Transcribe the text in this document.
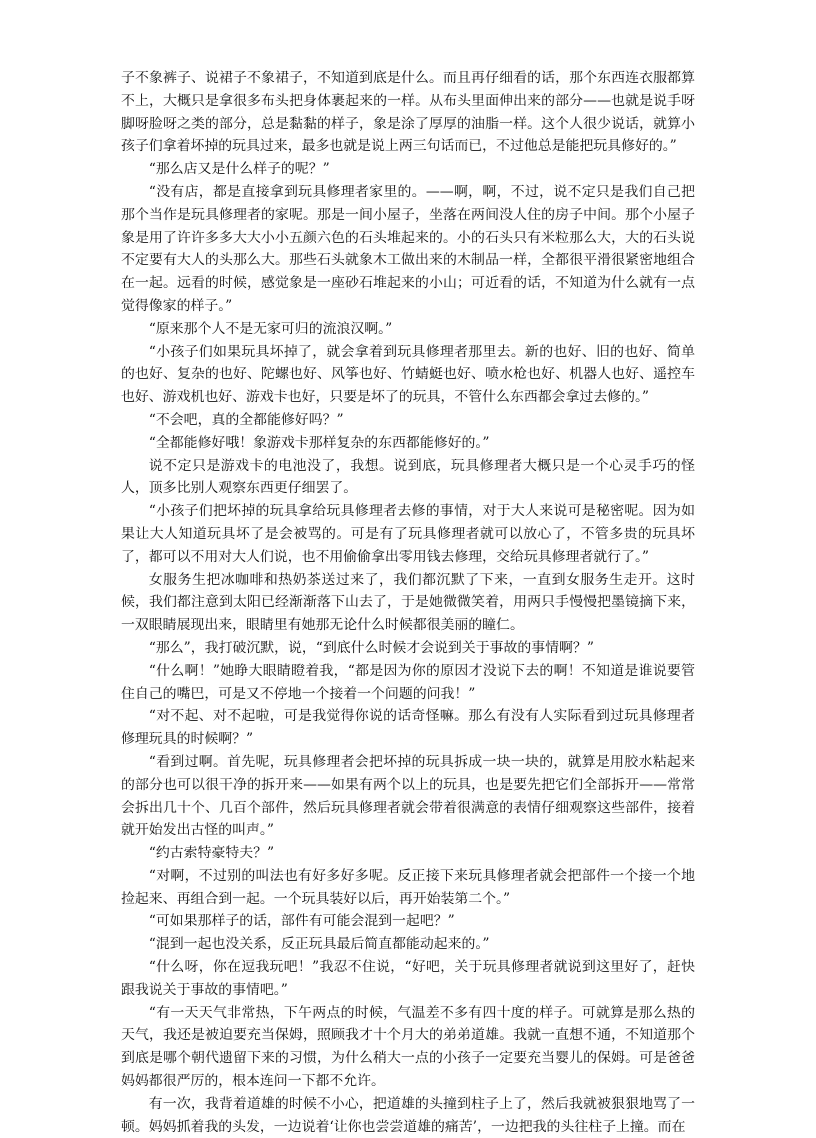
子不象裤子、说裙子不象裙子，不知道到底是什么。而且再仔细看的话，那个东西连衣服都算不上，大概只是拿很多布头把身体裹起来的一样。从布头里面伸出来的部分——也就是说手呀脚呀脸呀之类的部分，总是黏黏的样子，象是涂了厚厚的油脂一样。这个人很少说话，就算小孩子们拿着坏掉的玩具过来，最多也就是说上两三句话而已，不过他总是能把玩具修好的。”

“那么店又是什么样子的呢？”

“没有店，都是直接拿到玩具修理者家里的。——啊，啊，不过，说不定只是我们自己把那个当作是玩具修理者的家呢。那是一间小屋子，坐落在两间没人住的房子中间。那个小屋子象是用了许许多多大大小小五颜六色的石头堆起来的。小的石头只有米粒那么大，大的石头说不定要有大人的头那么大。那些石头就象木工做出来的木制品一样，全都很平滑很紧密地组合在一起。远看的时候，感觉象是一座砂石堆起来的小山；可近看的话，不知道为什么就有一点觉得像家的样子。”

“原来那个人不是无家可归的流浪汉啊。”

“小孩子们如果玩具坏掉了，就会拿着到玩具修理者那里去。新的也好、旧的也好、简单的也好、复杂的也好、陀螺也好、风筝也好、竹蜻蜓也好、喷水枪也好、机器人也好、遥控车也好、游戏机也好、游戏卡也好，只要是坏了的玩具，不管什么东西都会拿过去修的。”

“不会吧，真的全都能修好吗？”

“全都能修好哦！象游戏卡那样复杂的东西都能修好的。”

说不定只是游戏卡的电池没了，我想。说到底，玩具修理者大概只是一个心灵手巧的怪人，顶多比别人观察东西更仔细罢了。

“小孩子们把坏掉的玩具拿给玩具修理者去修的事情，对于大人来说可是秘密呢。因为如果让大人知道玩具坏了是会被骂的。可是有了玩具修理者就可以放心了，不管多贵的玩具坏了，都可以不用对大人们说，也不用偷偷拿出零用钱去修理，交给玩具修理者就行了。”

女服务生把冰咖啡和热奶茶送过来了，我们都沉默了下来，一直到女服务生走开。这时候，我们都注意到太阳已经渐渐落下山去了，于是她微微笑着，用两只手慢慢把墨镜摘下来，一双眼睛展现出来，眼睛里有她那无论什么时候都很美丽的瞳仁。

“那么”，我打破沉默，说，“到底什么时候才会说到关于事故的事情啊？”

“什么啊！”她睁大眼睛瞪着我，“都是因为你的原因才没说下去的啊！不知道是谁说要管住自己的嘴巴，可是又不停地一个接着一个问题的问我！”

“对不起、对不起啦，可是我觉得你说的话奇怪嘛。那么有没有人实际看到过玩具修理者修理玩具的时候啊？”

“看到过啊。首先呢，玩具修理者会把坏掉的玩具拆成一块一块的，就算是用胶水粘起来的部分也可以很干净的拆开来——如果有两个以上的玩具，也是要先把它们全部拆开——常常会拆出几十个、几百个部件，然后玩具修理者就会带着很满意的表情仔细观察这些部件，接着就开始发出古怪的叫声。”

“约古索特豪特夫？”

“对啊，不过别的叫法也有好多好多呢。反正接下来玩具修理者就会把部件一个接一个地捡起来、再组合到一起。一个玩具装好以后，再开始装第二个。”

“可如果那样子的话，部件有可能会混到一起吧？”

“混到一起也没关系，反正玩具最后简直都能动起来的。”

“什么呀，你在逗我玩吧！”我忍不住说，“好吧，关于玩具修理者就说到这里好了，赶快跟我说关于事故的事情吧。”

“有一天天气非常热，下午两点的时候，气温差不多有四十度的样子。可就算是那么热的天气，我还是被迫要充当保姆，照顾我才十个月大的弟弟道雄。我就一直想不通，不知道那个到底是哪个朝代遗留下来的习惯，为什么稍大一点的小孩子一定要充当婴儿的保姆。可是爸爸妈妈都很严厉的，根本连问一下都不允许。

有一次，我背着道雄的时候不小心，把道雄的头撞到柱子上了，然后我就被狠狠地骂了一顿。妈妈抓着我的头发，一边说着‘让你也尝尝道雄的痛苦’，一边把我的头往柱子上撞。而在
